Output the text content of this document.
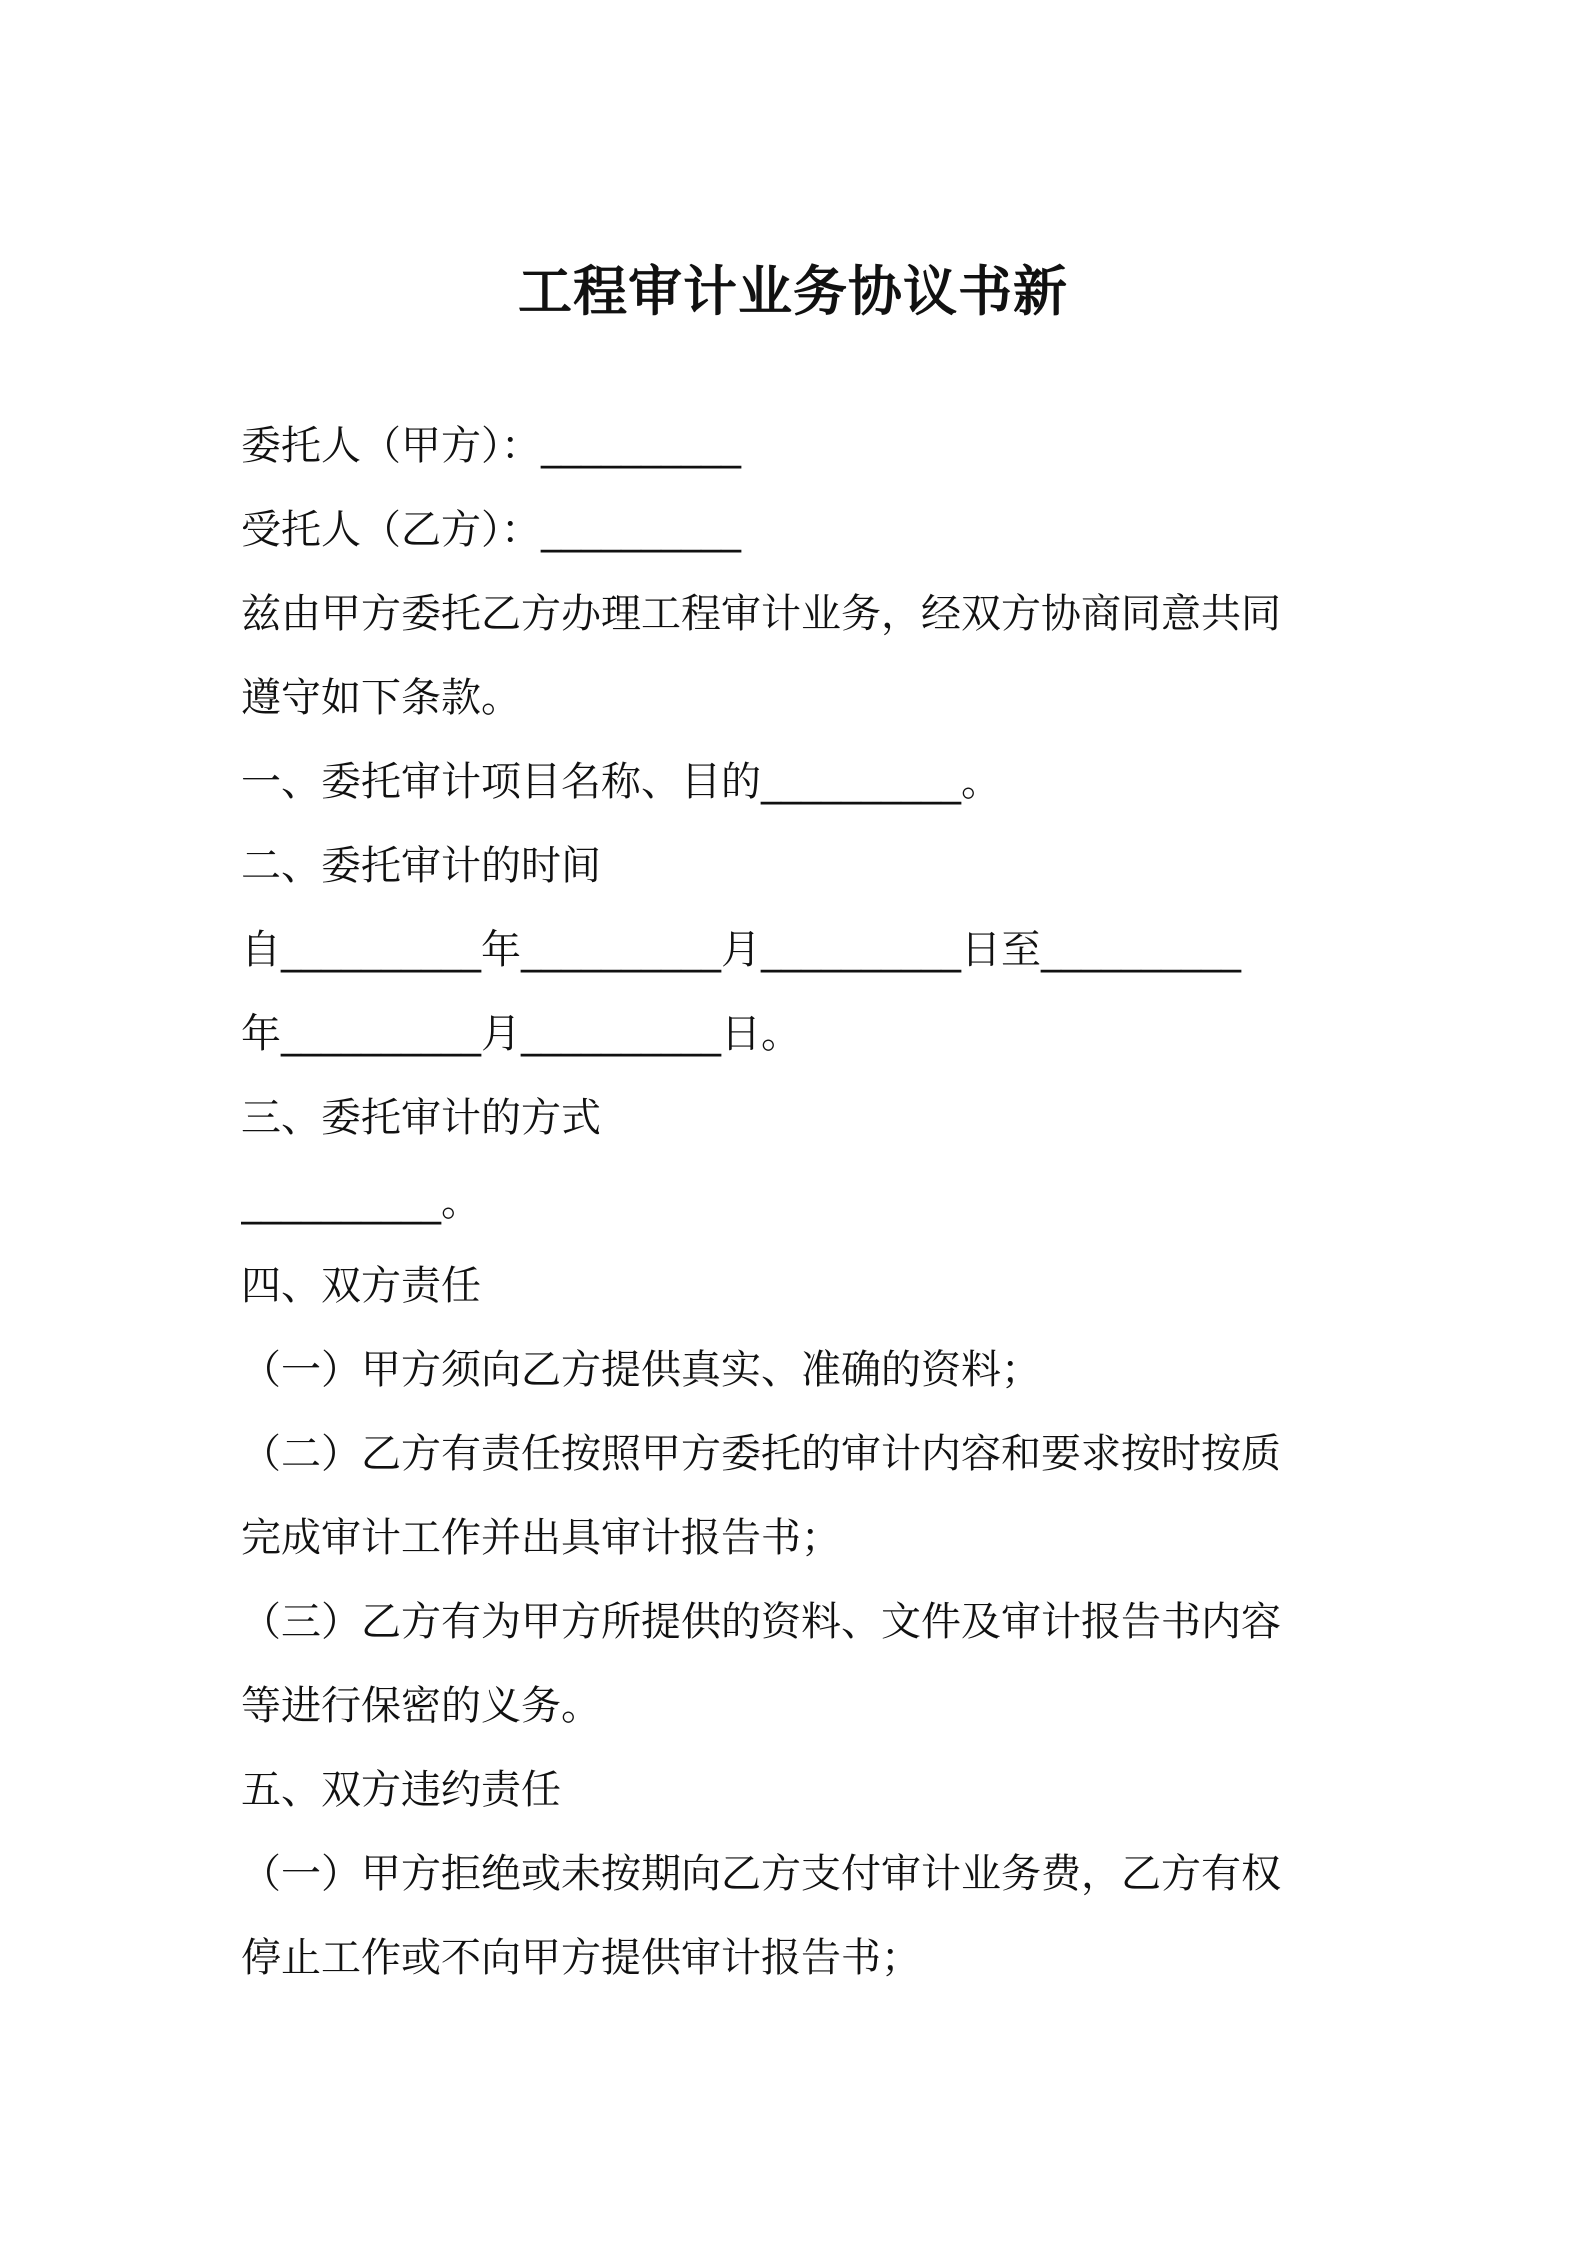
工程审计业务协议书新
委托人（甲方）：__________
受托人（乙方）：__________
兹由甲方委托乙方办理工程审计业务，经双方协商同意共同
遵守如下条款。
一、委托审计项目名称、目的__________。
二、委托审计的时间
自__________年__________月__________日至__________
年__________月__________日。
三、委托审计的方式
__________。
四、双方责任
（一）甲方须向乙方提供真实、准确的资料；
（二）乙方有责任按照甲方委托的审计内容和要求按时按质
完成审计工作并出具审计报告书；
（三）乙方有为甲方所提供的资料、文件及审计报告书内容
等进行保密的义务。
五、双方违约责任
（一）甲方拒绝或未按期向乙方支付审计业务费，乙方有权
停止工作或不向甲方提供审计报告书；
